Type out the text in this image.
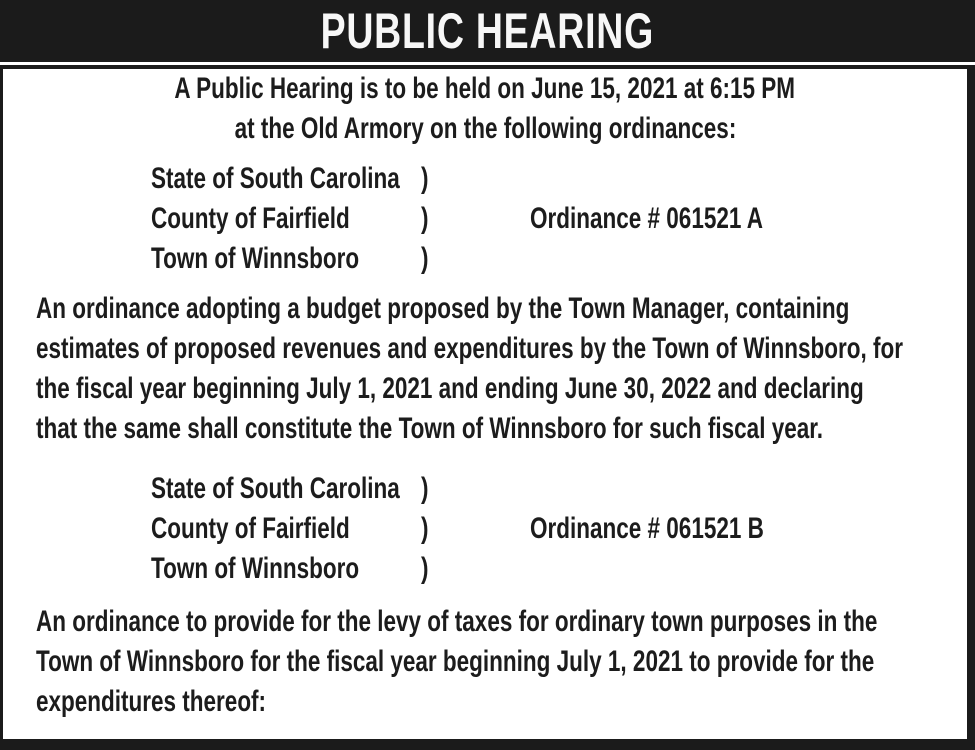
PUBLIC HEARING
A Public Hearing is to be held on June 15, 2021 at 6:15 PM
at the Old Armory on the following ordinances:
State of South Carolina )
County of Fairfield )
Town of Winnsboro )
Ordinance # 061521 A
An ordinance adopting a budget proposed by the Town Manager, containing
estimates of proposed revenues and expenditures by the Town of Winnsboro, for
the fiscal year beginning July 1, 2021 and ending June 30, 2022 and declaring
that the same shall constitute the Town of Winnsboro for such fiscal year.
State of South Carolina )
County of Fairfield )
Town of Winnsboro )
Ordinance # 061521 B
An ordinance to provide for the levy of taxes for ordinary town purposes in the
Town of Winnsboro for the fiscal year beginning July 1, 2021 to provide for the
expenditures thereof:
